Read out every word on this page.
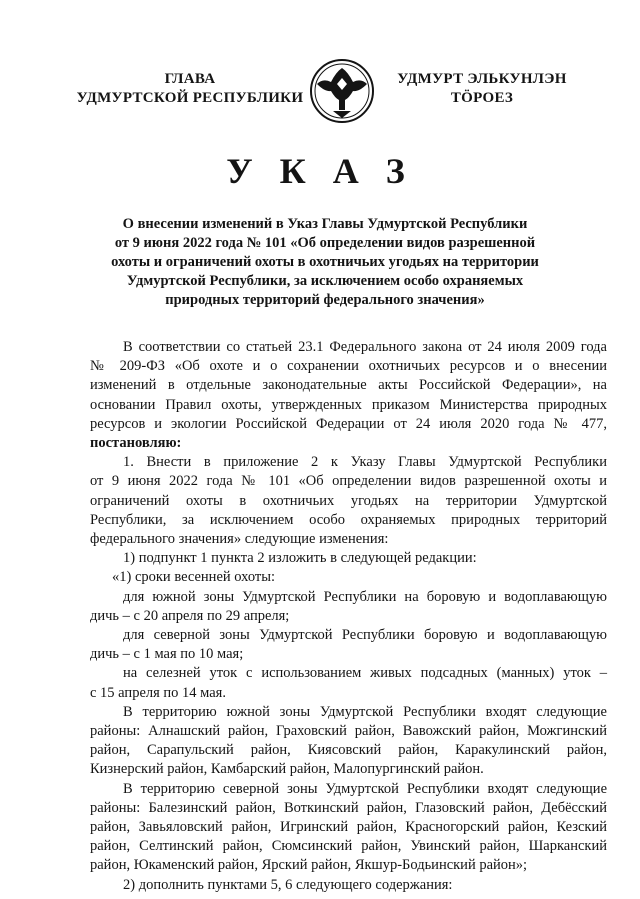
ГЛАВА
УДМУРТСКОЙ РЕСПУБЛИКИ
УДМУРТ ЭЛЬКУНЛЭН
ТӦРОЕЗ
У К А З
О внесении изменений в Указ Главы Удмуртской Республики
от 9 июня 2022 года № 101 «Об определении видов разрешенной
охоты и ограничений охоты в охотничьих угодьях на территории
Удмуртской Республики, за исключением особо охраняемых
природных территорий федерального значения»
В соответствии со статьей 23.1 Федерального закона от 24 июля 2009 года
№ 209-ФЗ «Об охоте и о сохранении охотничьих ресурсов и о внесении
изменений в отдельные законодательные акты Российской Федерации», на
основании Правил охоты, утвержденных приказом Министерства природных
ресурсов и экологии Российской Федерации от 24 июля 2020 года № 477,
постановляю:
1. Внести в приложение 2 к Указу Главы Удмуртской Республики
от 9 июня 2022 года № 101 «Об определении видов разрешенной охоты и
ограничений охоты в охотничьих угодьях на территории Удмуртской
Республики, за исключением особо охраняемых природных территорий
федерального значения» следующие изменения:
1) подпункт 1 пункта 2 изложить в следующей редакции:
«1) сроки весенней охоты:
для южной зоны Удмуртской Республики на боровую и водоплавающую
дичь – с 20 апреля по 29 апреля;
для северной зоны Удмуртской Республики боровую и водоплавающую
дичь – с 1 мая по 10 мая;
на селезней уток с использованием живых подсадных (манных) уток –
с 15 апреля по 14 мая.
В территорию южной зоны Удмуртской Республики входят следующие
районы: Алнашский район, Граховский район, Вавожский район, Можгинский
район, Сарапульский район, Киясовский район, Каракулинский район,
Кизнерский район, Камбарский район, Малопургинский район.
В территорию северной зоны Удмуртской Республики входят следующие
районы: Балезинский район, Воткинский район, Глазовский район, Дебёсский
район, Завьяловский район, Игринский район, Красногорский район, Кезский
район, Селтинский район, Сюмсинский район, Увинский район, Шарканский
район, Юкаменский район, Ярский район, Якшур-Бодьинский район»;
2) дополнить пунктами 5, 6 следующего содержания:
